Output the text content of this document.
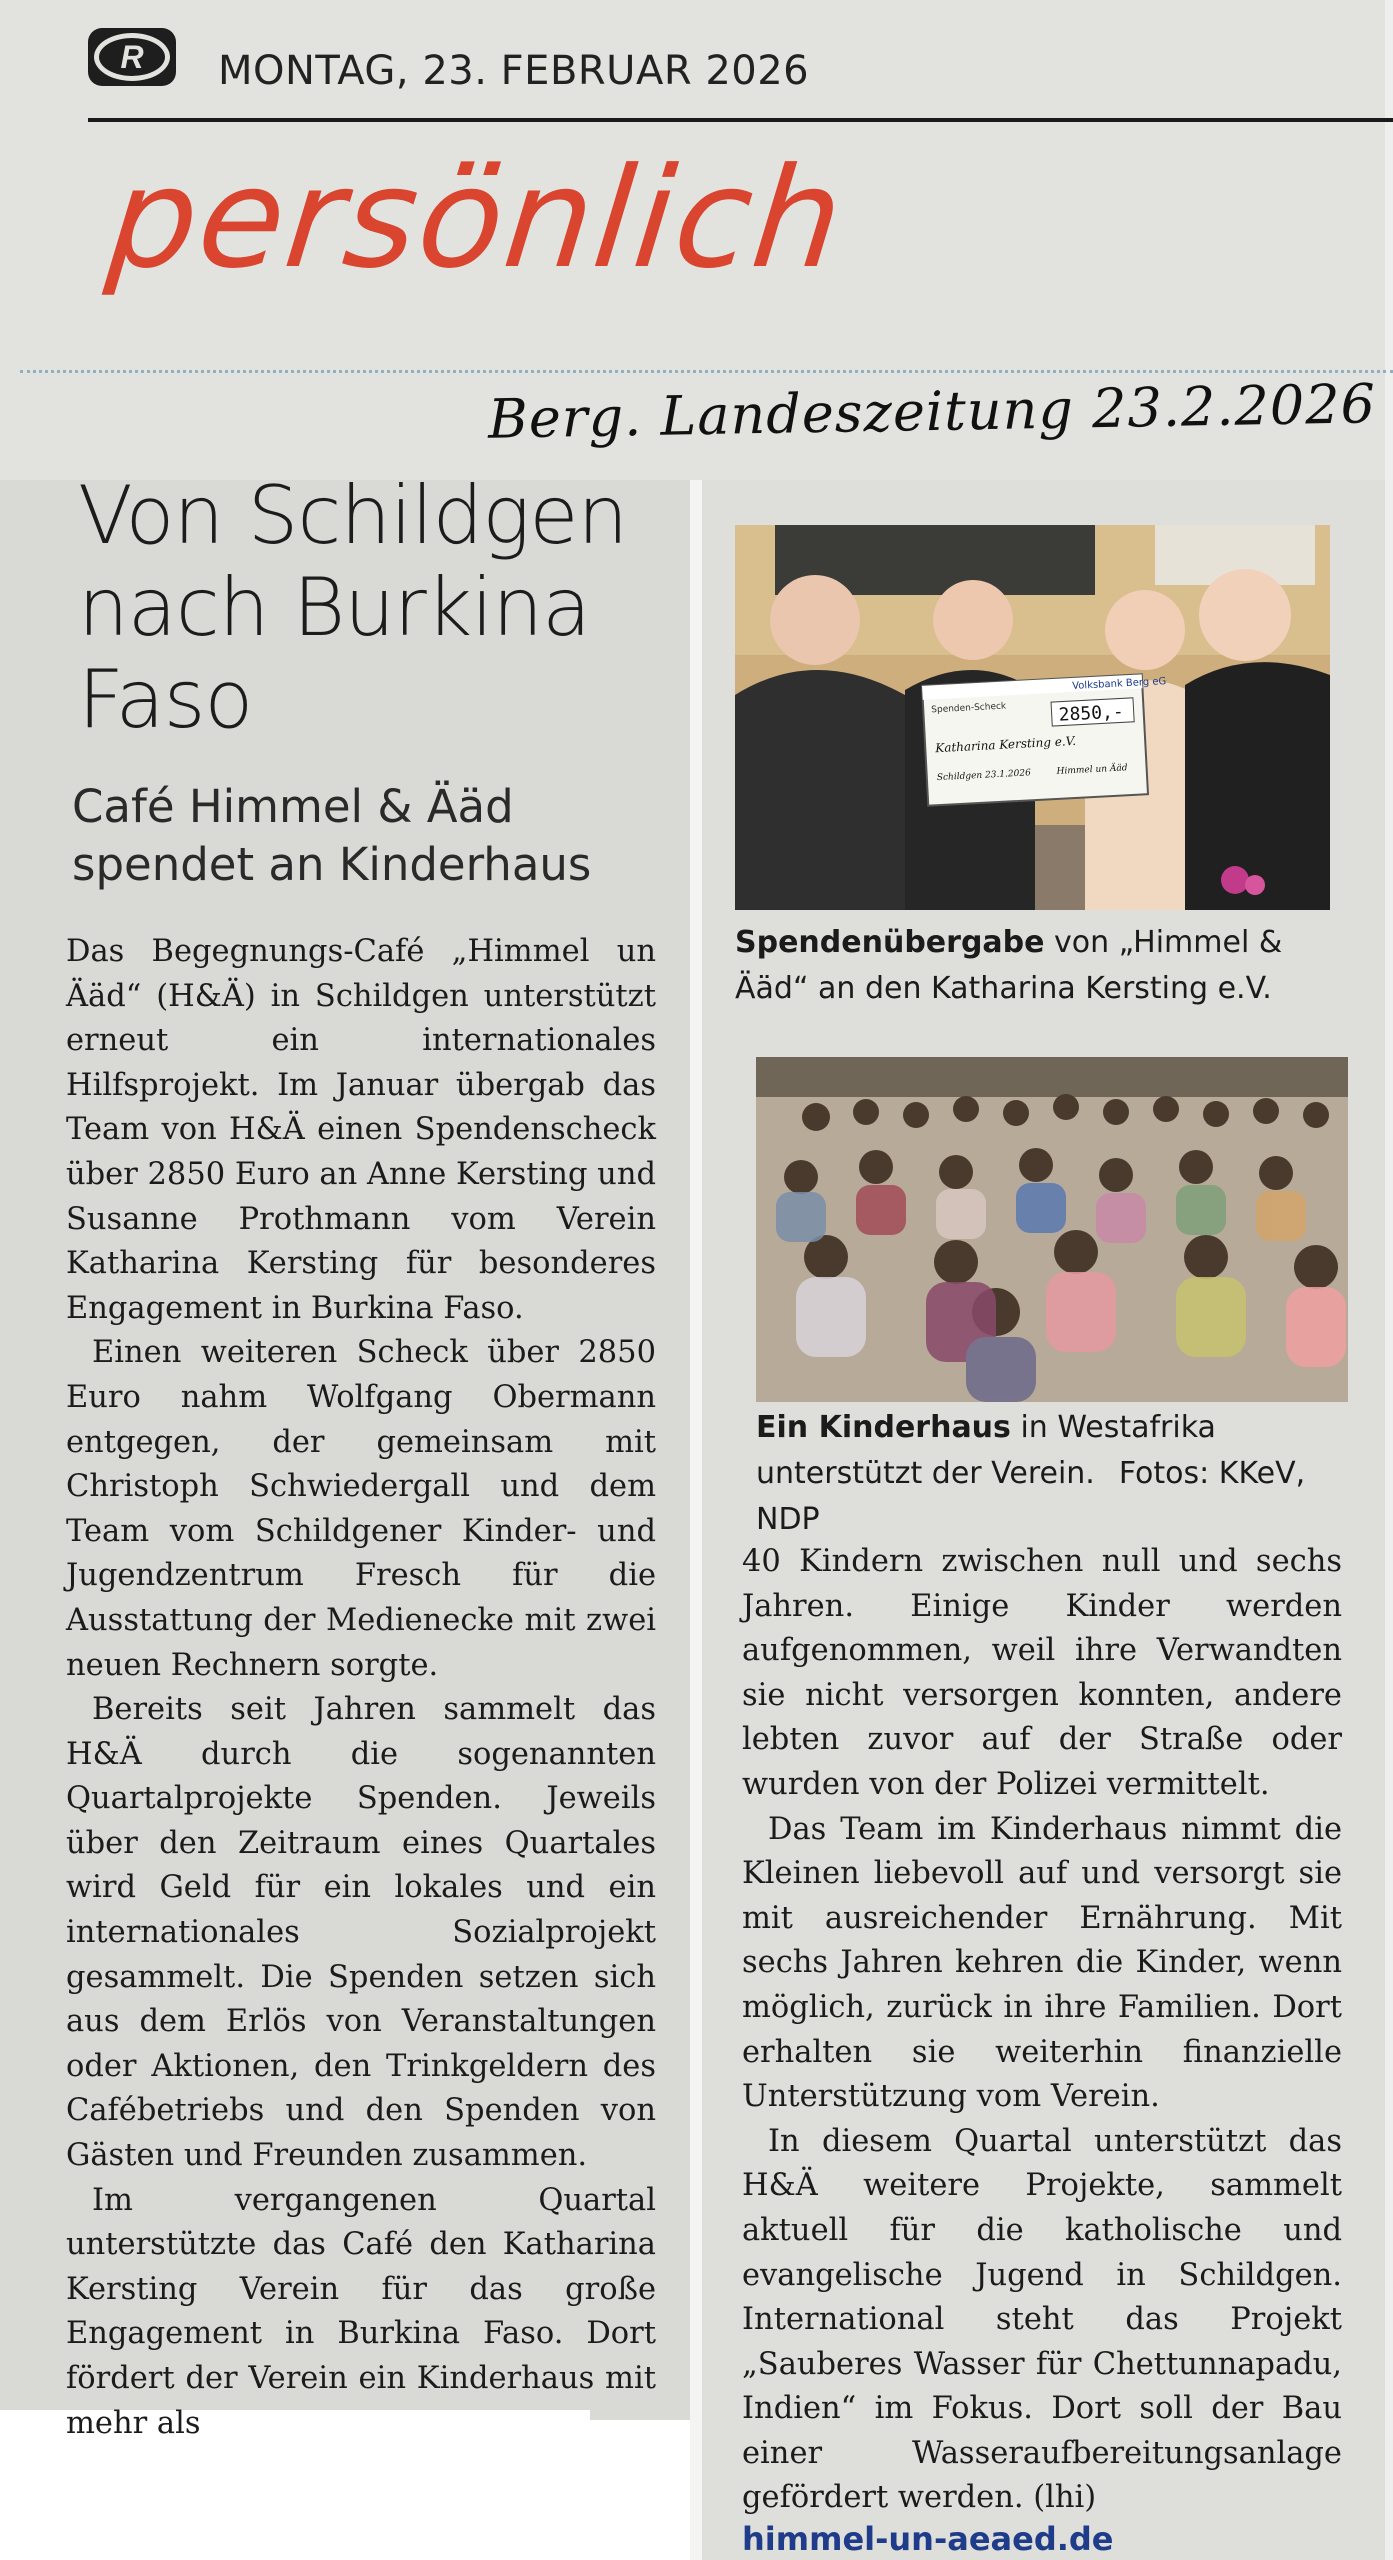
R	MONTAG, 23. FEBRUAR 2026
persönlich
Berg. Landeszeitung 23.2.2026
Von Schildgen nach Burkina Faso
Café Himmel & Ääd spendet an Kinderhaus

Das Begegnungs-Café „Himmel un Ääd“ (H&Ä) in Schildgen unterstützt erneut ein internationales Hilfsprojekt. Im Januar übergab das Team von H&Ä einen Spendenscheck über 2850 Euro an Anne Kersting und Susanne Prothmann vom Verein Katharina Kersting für besonderes Engagement in Burkina Faso.

Einen weiteren Scheck über 2850 Euro nahm Wolfgang Obermann entgegen, der gemeinsam mit Christoph Schwiedergall und dem Team vom Schildgener Kinder- und Jugendzentrum Fresch für die Ausstattung der Medienecke mit zwei neuen Rechnern sorgte.

Bereits seit Jahren sammelt das H&Ä durch die sogenannten Quartalprojekte Spenden. Jeweils über den Zeitraum eines Quartales wird Geld für ein lokales und ein internationales Sozialprojekt gesammelt. Die Spenden setzen sich aus dem Erlös von Veranstaltungen oder Aktionen, den Trinkgeldern des Cafébetriebs und den Spenden von Gästen und Freunden zusammen.

Im vergangenen Quartal unterstützte das Café den Katharina Kersting Verein für das große Engagement in Burkina Faso. Dort fördert der Verein ein Kinderhaus mit mehr als

Volksbank Berg eG
Spenden-Scheck	2850,-
Katharina Kersting e.V.
Schildgen 23.1.2026	Himmel un Ääd
Spendenübergabe von „Himmel & Ääd“ an den Katharina Kersting e.V.
Ein Kinderhaus in Westafrika unterstützt der Verein. Fotos: KKeV, NDP

40 Kindern zwischen null und sechs Jahren. Einige Kinder werden aufgenommen, weil ihre Verwandten sie nicht versorgen konnten, andere lebten zuvor auf der Straße oder wurden von der Polizei vermittelt.

Das Team im Kinderhaus nimmt die Kleinen liebevoll auf und versorgt sie mit ausreichender Ernährung. Mit sechs Jahren kehren die Kinder, wenn möglich, zurück in ihre Familien. Dort erhalten sie weiterhin finanzielle Unterstützung vom Verein.

In diesem Quartal unterstützt das H&Ä weitere Projekte, sammelt aktuell für die katholische und evangelische Jugend in Schildgen. International steht das Projekt „Sauberes Wasser für Chettunnapadu, Indien“ im Fokus. Dort soll der Bau einer Wasseraufbereitungsanlage gefördert werden. (lhi)

himmel-un-aeaed.de
